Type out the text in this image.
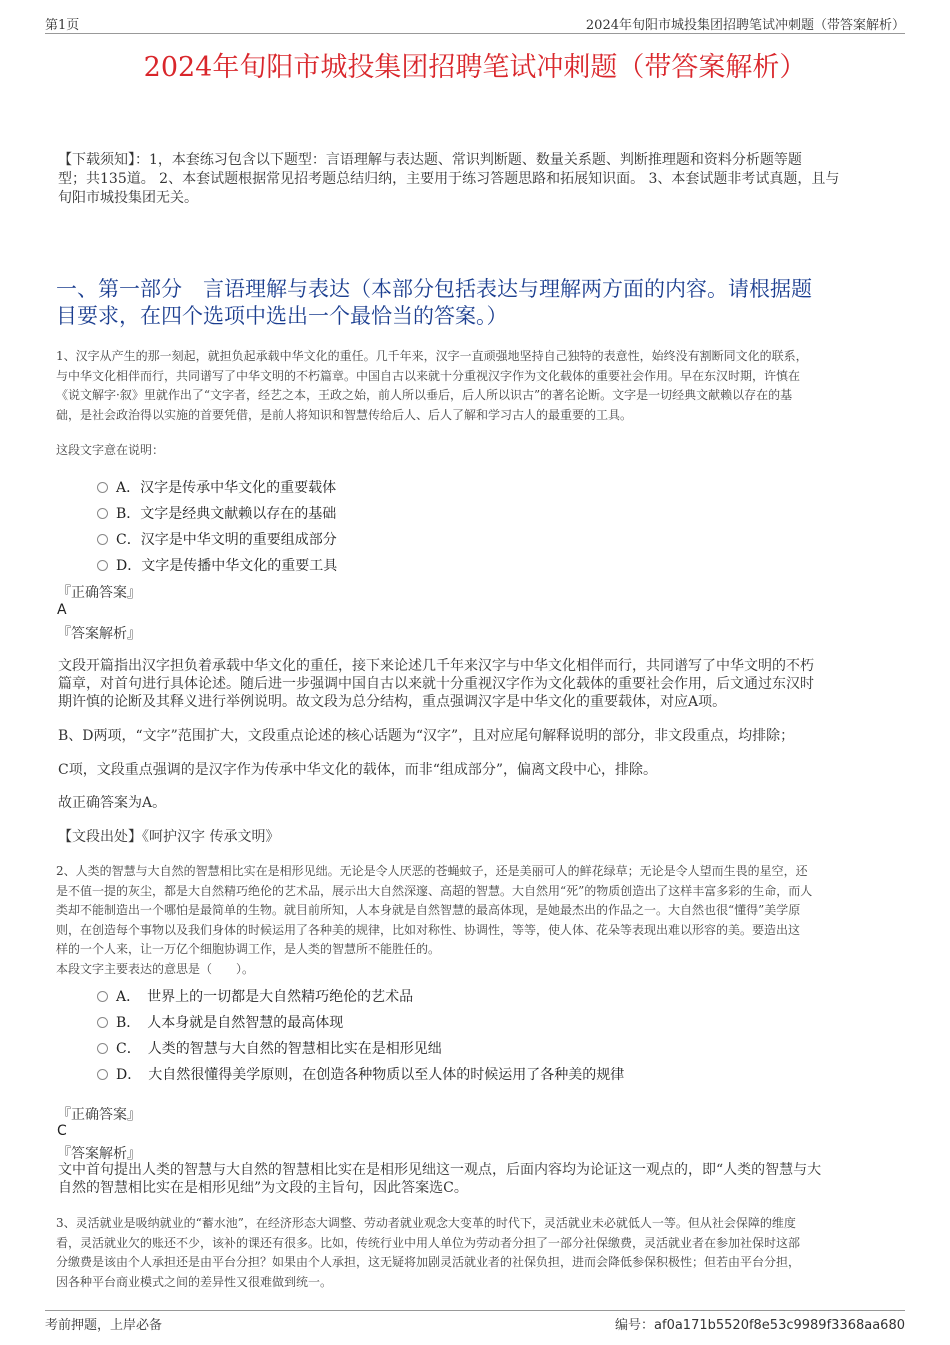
第1页	2024年旬阳市城投集团招聘笔试冲刺题（带答案解析）
2024年旬阳市城投集团招聘笔试冲刺题（带答案解析）
【下载须知】：1，本套练习包含以下题型：言语理解与表达题、常识判断题、数量关系题、判断推理题和资料分析题等题
型；共135道。 2、本套试题根据常见招考题总结归纳，主要用于练习答题思路和拓展知识面。 3、本套试题非考试真题，且与
旬阳市城投集团无关。
一、第一部分　言语理解与表达（本部分包括表达与理解两方面的内容。请根据题
目要求，在四个选项中选出一个最恰当的答案。）
1、汉字从产生的那一刻起，就担负起承载中华文化的重任。几千年来，汉字一直顽强地坚持自己独特的表意性，始终没有割断同文化的联系，
与中华文化相伴而行，共同谱写了中华文明的不朽篇章。中国自古以来就十分重视汉字作为文化载体的重要社会作用。早在东汉时期，许慎在
《说文解字·叙》里就作出了“文字者，经艺之本，王政之始，前人所以垂后，后人所以识古”的著名论断。文字是一切经典文献赖以存在的基
础，是社会政治得以实施的首要凭借，是前人将知识和智慧传给后人、后人了解和学习古人的最重要的工具。
这段文字意在说明：
A．汉字是传承中华文化的重要载体
B．文字是经典文献赖以存在的基础
C．汉字是中华文明的重要组成部分
D．文字是传播中华文化的重要工具
『正确答案』
A
『答案解析』
文段开篇指出汉字担负着承载中华文化的重任，接下来论述几千年来汉字与中华文化相伴而行，共同谱写了中华文明的不朽
篇章，对首句进行具体论述。随后进一步强调中国自古以来就十分重视汉字作为文化载体的重要社会作用，后文通过东汉时
期许慎的论断及其释义进行举例说明。故文段为总分结构，重点强调汉字是中华文化的重要载体，对应A项。
B、D两项，“文字”范围扩大，文段重点论述的核心话题为“汉字”，且对应尾句解释说明的部分，非文段重点，均排除；
C项，文段重点强调的是汉字作为传承中华文化的载体，而非“组成部分”，偏离文段中心，排除。
故正确答案为A。
【文段出处】《呵护汉字 传承文明》
2、人类的智慧与大自然的智慧相比实在是相形见绌。无论是令人厌恶的苍蝇蚊子，还是美丽可人的鲜花绿草；无论是令人望而生畏的星空，还
是不值一提的灰尘，都是大自然精巧绝伦的艺术品，展示出大自然深邃、高超的智慧。大自然用“死”的物质创造出了这样丰富多彩的生命，而人
类却不能制造出一个哪怕是最简单的生物。就目前所知，人本身就是自然智慧的最高体现，是她最杰出的作品之一。大自然也很“懂得”美学原
则，在创造每个事物以及我们身体的时候运用了各种美的规律，比如对称性、协调性，等等，使人体、花朵等表现出难以形容的美。要造出这
样的一个人来，让一万亿个细胞协调工作，是人类的智慧所不能胜任的。
本段文字主要表达的意思是（　　）。
A．　世界上的一切都是大自然精巧绝伦的艺术品
B．　人本身就是自然智慧的最高体现
C．　人类的智慧与大自然的智慧相比实在是相形见绌
D．　大自然很懂得美学原则，在创造各种物质以至人体的时候运用了各种美的规律
『正确答案』
C
『答案解析』
文中首句提出人类的智慧与大自然的智慧相比实在是相形见绌这一观点，后面内容均为论证这一观点的，即“人类的智慧与大
自然的智慧相比实在是相形见绌”为文段的主旨句，因此答案选C。
3、灵活就业是吸纳就业的“蓄水池”，在经济形态大调整、劳动者就业观念大变革的时代下，灵活就业未必就低人一等。但从社会保障的维度
看，灵活就业欠的账还不少，该补的课还有很多。比如，传统行业中用人单位为劳动者分担了一部分社保缴费，灵活就业者在参加社保时这部
分缴费是该由个人承担还是由平台分担？如果由个人承担，这无疑将加剧灵活就业者的社保负担，进而会降低参保积极性；但若由平台分担，
因各种平台商业模式之间的差异性又很难做到统一。
考前押题，上岸必备	编号：af0a171b5520f8e53c9989f3368aa680
